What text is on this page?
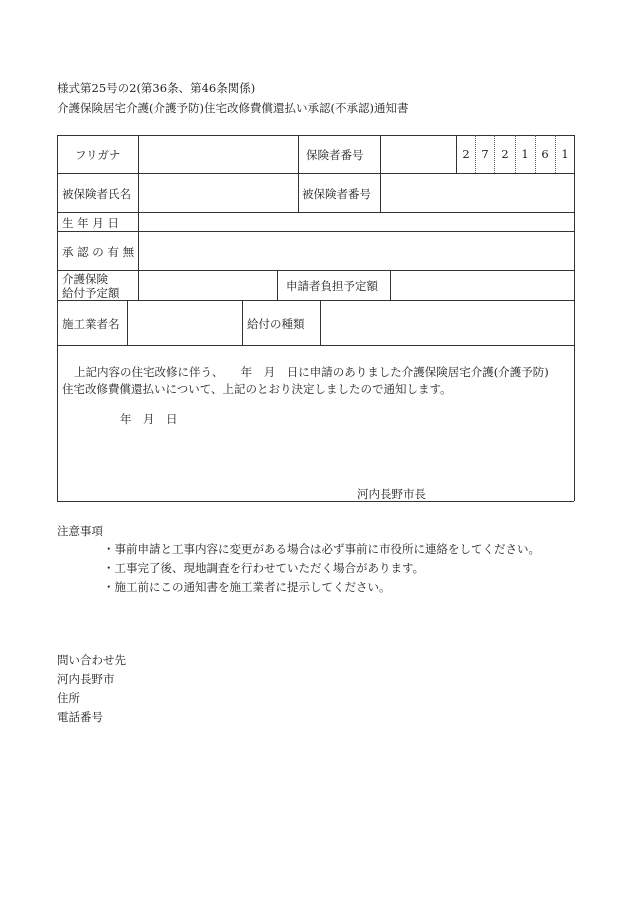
様式第25号の2(第36条、第46条関係)
介護保険居宅介護(介護予防)住宅改修費償還払い承認(不承認)通知書
フリガナ	保険者番号	2	7	2	1	6	1
被保険者氏名	被保険者番号
生 年 月 日
承 認 の 有 無
介護保険
給付予定額	申請者負担予定額
施工業者名	給付の種類
上記内容の住宅改修に伴う、　　年　月　日に申請のありました介護保険居宅介護(介護予防)
住宅改修費償還払いについて、上記のとおり決定しましたので通知します。
年　月　日
河内長野市長
注意事項
・事前申請と工事内容に変更がある場合は必ず事前に市役所に連絡をしてください。
・工事完了後、現地調査を行わせていただく場合があります。
・施工前にこの通知書を施工業者に提示してください。
問い合わせ先
河内長野市
住所
電話番号
